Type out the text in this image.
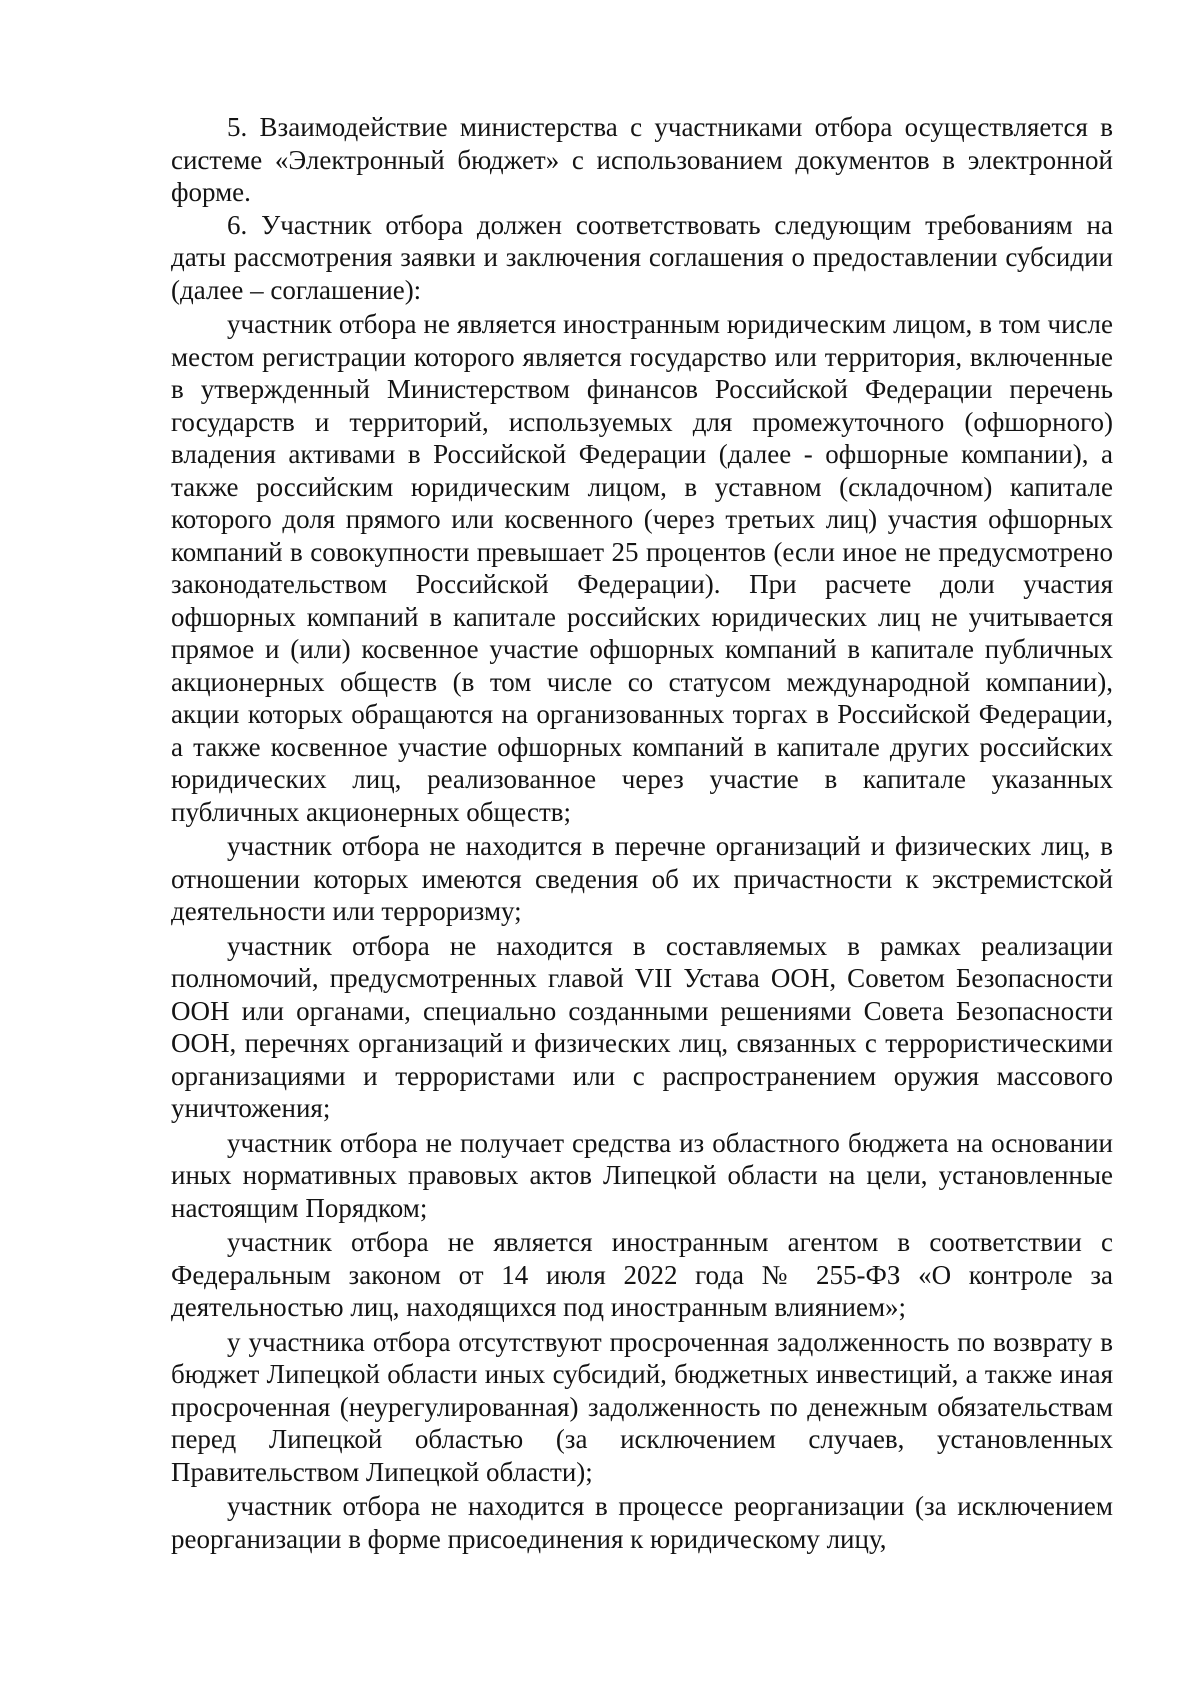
5. Взаимодействие министерства с участниками отбора осуществляется в системе «Электронный бюджет» с использованием документов в электронной форме.

6. Участник отбора должен соответствовать следующим требованиям на даты рассмотрения заявки и заключения соглашения о предоставлении субсидии (далее – соглашение):

участник отбора не является иностранным юридическим лицом, в том числе местом регистрации которого является государство или территория, включенные в утвержденный Министерством финансов Российской Федерации перечень государств и территорий, используемых для промежуточного (офшорного) владения активами в Российской Федерации (далее - офшорные компании), а также российским юридическим лицом, в уставном (складочном) капитале которого доля прямого или косвенного (через третьих лиц) участия офшорных компаний в совокупности превышает 25 процентов (если иное не предусмотрено законодательством Российской Федерации). При расчете доли участия офшорных компаний в капитале российских юридических лиц не учитывается прямое и (или) косвенное участие офшорных компаний в капитале публичных акционерных обществ (в том числе со статусом международной компании), акции которых обращаются на организованных торгах в Российской Федерации, а также косвенное участие офшорных компаний в капитале других российских юридических лиц, реализованное через участие в капитале указанных публичных акционерных обществ;

участник отбора не находится в перечне организаций и физических лиц, в отношении которых имеются сведения об их причастности к экстремистской деятельности или терроризму;

участник отбора не находится в составляемых в рамках реализации полномочий, предусмотренных главой VII Устава ООН, Советом Безопасности ООН или органами, специально созданными решениями Совета Безопасности ООН, перечнях организаций и физических лиц, связанных с террористическими организациями и террористами или с распространением оружия массового уничтожения;

участник отбора не получает средства из областного бюджета на основании иных нормативных правовых актов Липецкой области на цели, установленные настоящим Порядком;

участник отбора не является иностранным агентом в соответствии с Федеральным законом от 14 июля 2022 года № 255-ФЗ «О контроле за деятельностью лиц, находящихся под иностранным влиянием»;

у участника отбора отсутствуют просроченная задолженность по возврату в бюджет Липецкой области иных субсидий, бюджетных инвестиций, а также иная просроченная (неурегулированная) задолженность по денежным обязательствам перед Липецкой областью (за исключением случаев, установленных Правительством Липецкой области);

участник отбора не находится в процессе реорганизации (за исключением реорганизации в форме присоединения к юридическому лицу,
